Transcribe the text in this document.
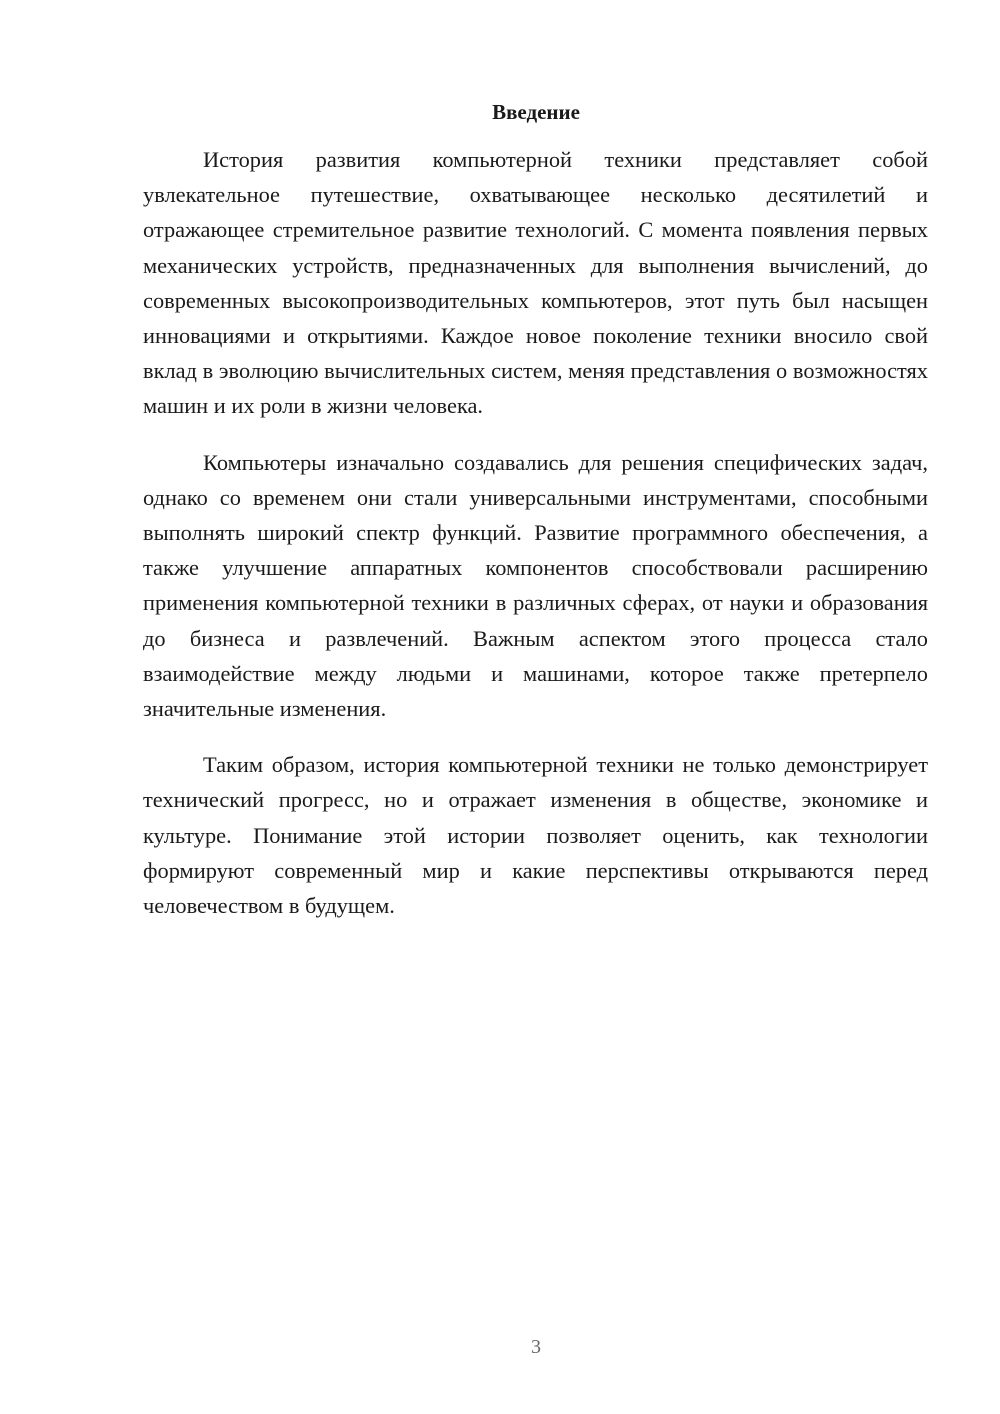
Введение

История развития компьютерной техники представляет собой увлекательное путешествие, охватывающее несколько десятилетий и отражающее стремительное развитие технологий. С момента появления первых механических устройств, предназначенных для выполнения вычислений, до современных высокопроизводительных компьютеров, этот путь был насыщен инновациями и открытиями. Каждое новое поколение техники вносило свой вклад в эволюцию вычислительных систем, меняя представления о возможностях машин и их роли в жизни человека.

Компьютеры изначально создавались для решения специфических задач, однако со временем они стали универсальными инструментами, способными выполнять широкий спектр функций. Развитие программного обеспечения, а также улучшение аппаратных компонентов способствовали расширению применения компьютерной техники в различных сферах, от науки и образования до бизнеса и развлечений. Важным аспектом этого процесса стало взаимодействие между людьми и машинами, которое также претерпело значительные изменения.

Таким образом, история компьютерной техники не только демонстрирует технический прогресс, но и отражает изменения в обществе, экономике и культуре. Понимание этой истории позволяет оценить, как технологии формируют современный мир и какие перспективы открываются перед человечеством в будущем.

3
